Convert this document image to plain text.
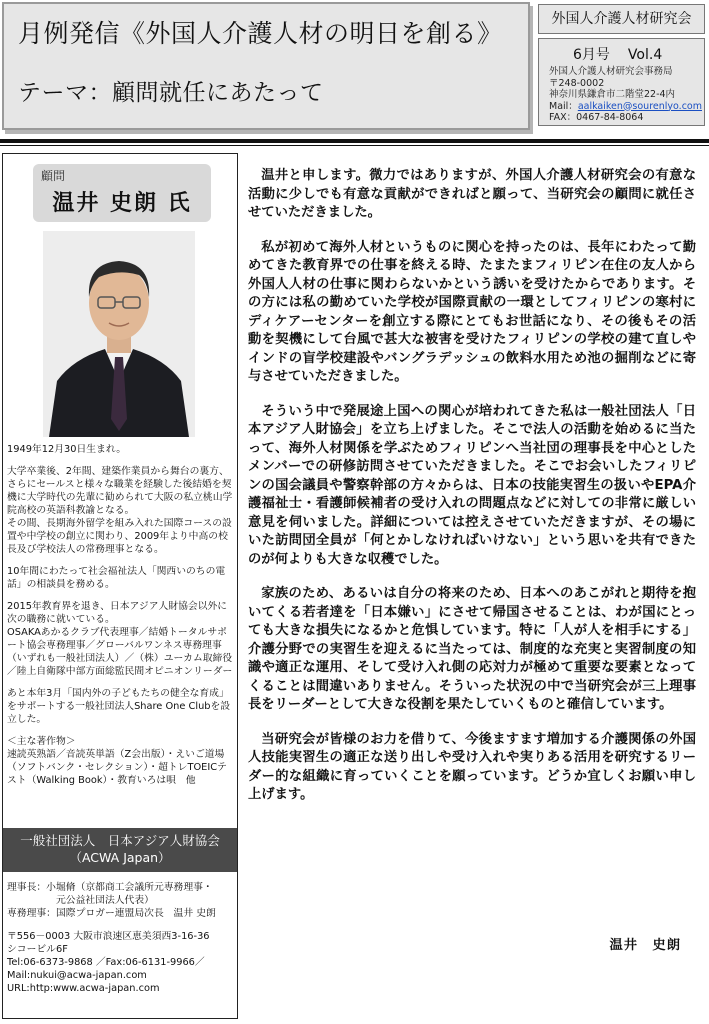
月例発信《外国人介護人材の明日を創る》
テーマ：顧問就任にあたって
外国人介護人材研究会
6月号 Vol.4
外国人介護人材研究会事務局
〒248-0002
神奈川県鎌倉市二階堂22-4内
Mail：aalkaiken@sourenlyo.com
FAX：0467-84-8064
顧問
温井 史朗 氏

1949年12月30日生まれ。

大学卒業後、2年間、建築作業員から舞台の裏方、さらにセールスと様々な職業を経験した後結婚を契機に大学時代の先輩に勧められて大阪の私立桃山学院高校の英語科教諭となる。
その間、長期海外留学を組み入れた国際コースの設置や中学校の創立に関わり、2009年より中高の校長及び学校法人の常務理事となる。

10年間にわたって社会福祉法人「関西いのちの電話」の相談員を務める。

2015年教育界を退き、日本アジア人財協会以外に次の職務に就いている。
OSAKAあかるクラブ代表理事／結婚トータルサポート協会専務理事／グローバルワンネス専務理事（いずれも一般社団法人）／（株）ユーカム取締役／陸上自衛隊中部方面総監民間オピニオンリーダー

あと本年3月「国内外の子どもたちの健全な育成」をサポートする一般社団法人Share One Clubを設立した。

＜主な著作物＞
速読英熟語／音読英単語（Z会出版）・えいご道場（ソフトバンク・セレクション）・超トレTOEICテスト（Walking Book）・教育いろは唄　他

一般社団法人　日本アジア人財協会
（ACWA Japan）
理事長：小堀脩（京都商工会議所元専務理事・
　　　　　元公益社団法人代表）
専務理事：国際プロガー連盟局次長　温井 史朗
〒556－0003 大阪市浪速区恵美須西3-16-36
シコービル6F
Tel:06-6373-9868 ／Fax:06-6131-9966／
Mail:nukui@acwa-japan.com
URL:http:www.acwa-japan.com

温井と申します。微力ではありますが、外国人介護人材研究会の有意な活動に少しでも有意な貢献ができればと願って、当研究会の顧問に就任させていただきました。

私が初めて海外人材というものに関心を持ったのは、長年にわたって勤めてきた教育界での仕事を終える時、たまたまフィリピン在住の友人から外国人人材の仕事に関わらないかという誘いを受けたからであります。その方には私の勤めていた学校が国際貢献の一環としてフィリピンの寒村にディケアーセンターを創立する際にとてもお世話になり、その後もその活動を契機にして台風で甚大な被害を受けたフィリピンの学校の建て直しやインドの盲学校建設やバングラデッシュの飲料水用ため池の掘削などに寄与させていただきました。

そういう中で発展途上国への関心が培われてきた私は一般社団法人「日本アジア人財協会」を立ち上げました。そこで法人の活動を始めるに当たって、海外人材関係を学ぶためフィリピンへ当社団の理事長を中心としたメンバーでの研修訪問させていただきました。そこでお会いしたフィリピンの国会議員や警察幹部の方々からは、日本の技能実習生の扱いやEPA介護福祉士・看護師候補者の受け入れの問題点などに対しての非常に厳しい意見を伺いました。詳細については控えさせていただきますが、その場にいた訪問団全員が「何とかしなければいけない」という思いを共有できたのが何よりも大きな収穫でした。

家族のため、あるいは自分の将来のため、日本へのあこがれと期待を抱いてくる若者達を「日本嫌い」にさせて帰国させることは、わが国にとっても大きな損失になるかと危惧しています。特に「人が人を相手にする」介護分野での実習生を迎えるに当たっては、制度的な充実と実習制度の知識や適正な運用、そして受け入れ側の応対力が極めて重要な要素となってくることは間違いありません。そういった状況の中で当研究会が三上理事長をリーダーとして大きな役割を果たしていくものと確信しています。

当研究会が皆様のお力を借りて、今後ますます増加する介護関係の外国人技能実習生の適正な送り出しや受け入れや実りある活用を研究するリーダー的な組織に育っていくことを願っています。どうか宜しくお願い申し上げます。

温井　史朗
